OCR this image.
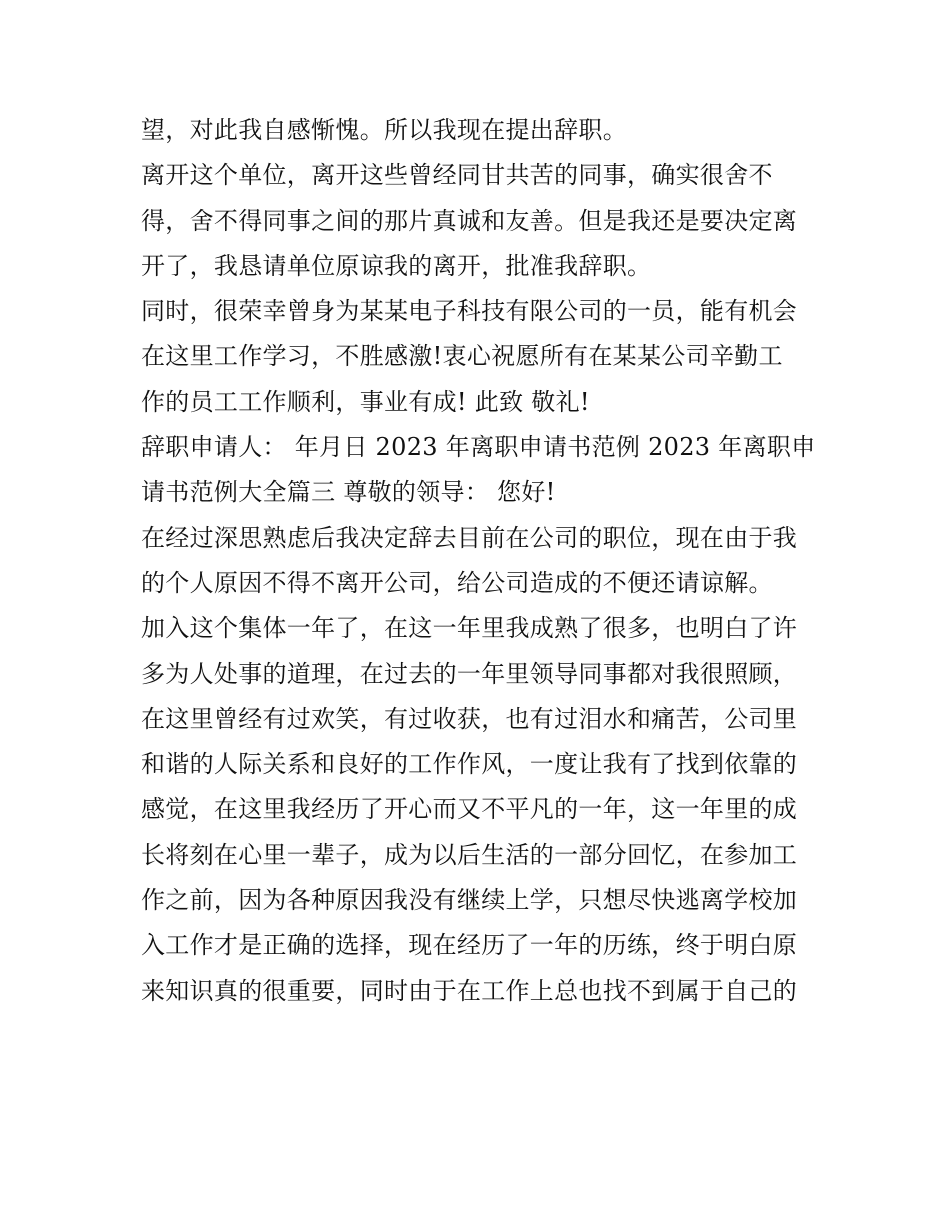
望，对此我自感惭愧。所以我现在提出辞职。
离开这个单位，离开这些曾经同甘共苦的同事，确实很舍不
得，舍不得同事之间的那片真诚和友善。但是我还是要决定离
开了，我恳请单位原谅我的离开，批准我辞职。
同时，很荣幸曾身为某某电子科技有限公司的一员，能有机会
在这里工作学习，不胜感激!衷心祝愿所有在某某公司辛勤工
作的员工工作顺利，事业有成! 此致 敬礼!
辞职申请人： 年月日 2023 年离职申请书范例 2023 年离职申
请书范例大全篇三 尊敬的领导： 您好!
在经过深思熟虑后我决定辞去目前在公司的职位，现在由于我
的个人原因不得不离开公司，给公司造成的不便还请谅解。
加入这个集体一年了，在这一年里我成熟了很多，也明白了许
多为人处事的道理，在过去的一年里领导同事都对我很照顾，
在这里曾经有过欢笑，有过收获，也有过泪水和痛苦，公司里
和谐的人际关系和良好的工作作风，一度让我有了找到依靠的
感觉，在这里我经历了开心而又不平凡的一年，这一年里的成
长将刻在心里一辈子，成为以后生活的一部分回忆，在参加工
作之前，因为各种原因我没有继续上学，只想尽快逃离学校加
入工作才是正确的选择，现在经历了一年的历练，终于明白原
来知识真的很重要，同时由于在工作上总也找不到属于自己的
